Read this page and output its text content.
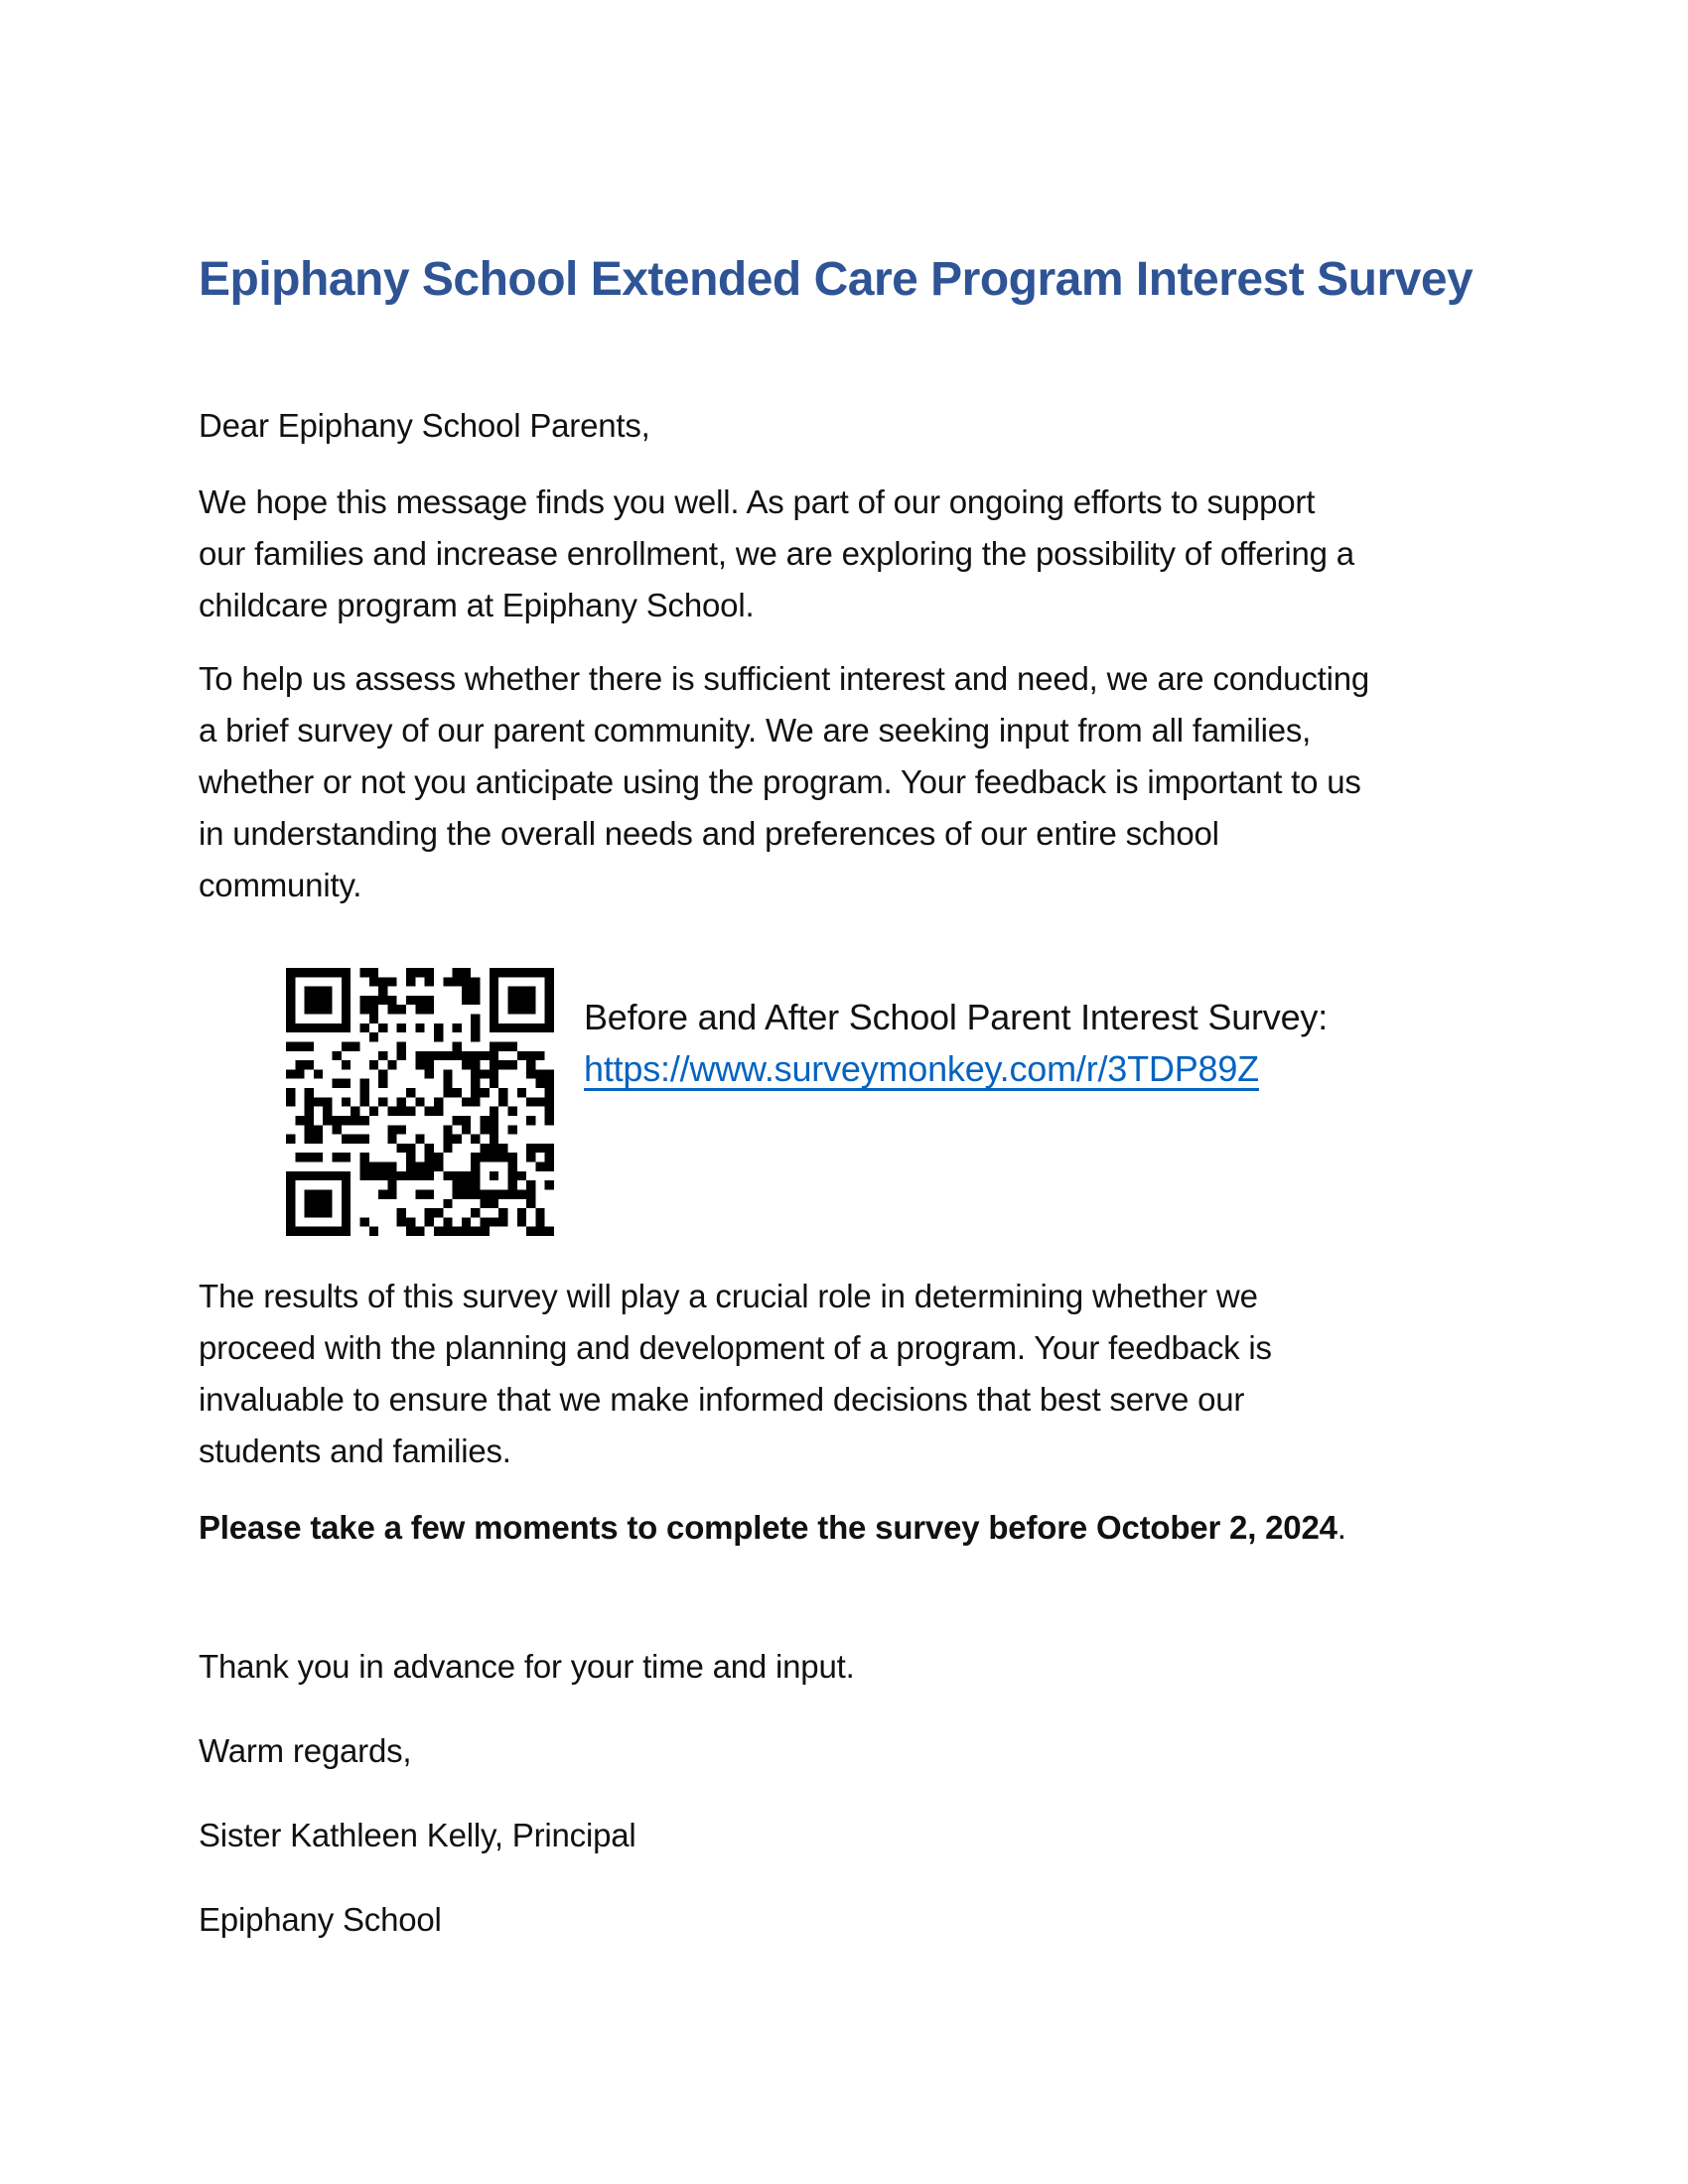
Epiphany School Extended Care Program Interest Survey

Dear Epiphany School Parents,

We hope this message finds you well. As part of our ongoing efforts to support
our families and increase enrollment, we are exploring the possibility of offering a
childcare program at Epiphany School.

To help us assess whether there is sufficient interest and need, we are conducting
a brief survey of our parent community. We are seeking input from all families,
whether or not you anticipate using the program. Your feedback is important to us
in understanding the overall needs and preferences of our entire school
community.

Before and After School Parent Interest Survey:
https://www.surveymonkey.com/r/3TDP89Z

The results of this survey will play a crucial role in determining whether we
proceed with the planning and development of a program. Your feedback is
invaluable to ensure that we make informed decisions that best serve our
students and families.

Please take a few moments to complete the survey before October 2, 2024.

Thank you in advance for your time and input.

Warm regards,

Sister Kathleen Kelly, Principal

Epiphany School
